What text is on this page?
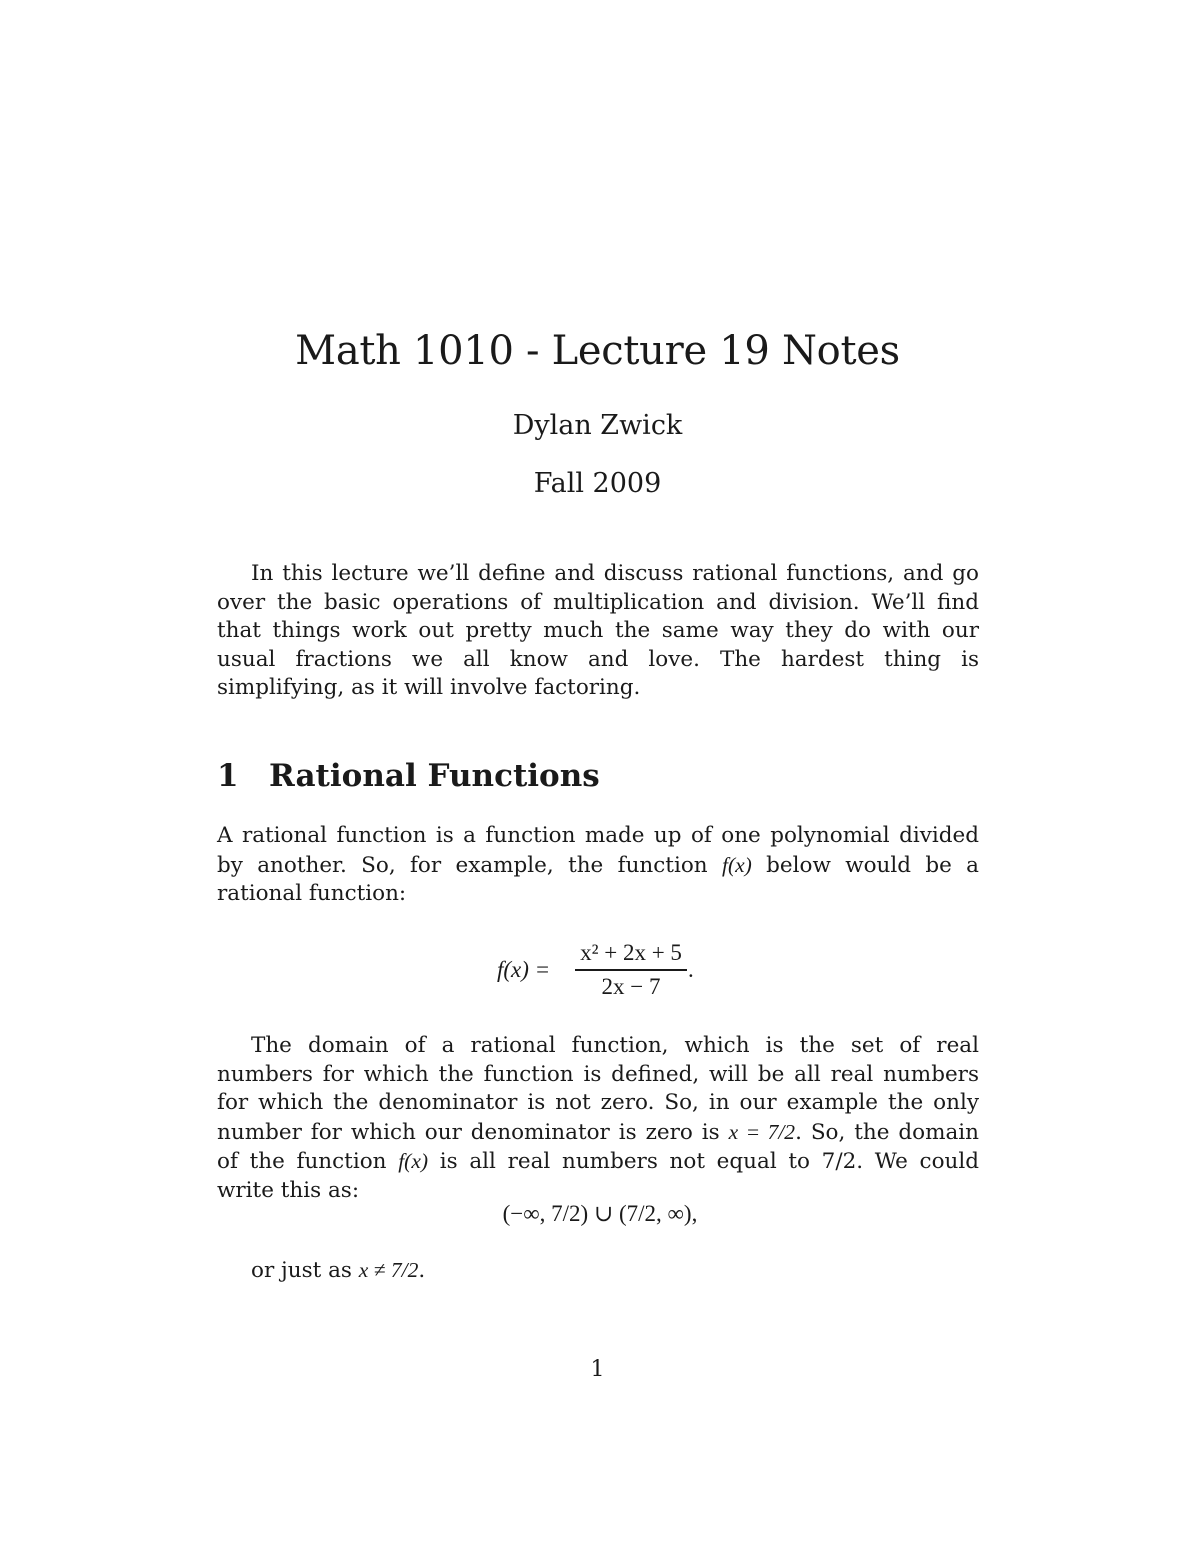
Math 1010 - Lecture 19 Notes
Dylan Zwick
Fall 2009

In this lecture we’ll define and discuss rational functions, and go over the basic operations of multiplication and division. We’ll find that things work out pretty much the same way they do with our usual fractions we all know and love. The hardest thing is simplifying, as it will involve factoring.

1 Rational Functions

A rational function is a function made up of one polynomial divided by another. So, for example, the function f(x) below would be a rational function:

f(x) =
x² + 2x + 5
2x − 7
.

The domain of a rational function, which is the set of real numbers for which the function is defined, will be all real numbers for which the denominator is not zero. So, in our example the only number for which our denominator is zero is x = 7/2. So, the domain of the function f(x) is all real numbers not equal to 7/2. We could write this as:

(−∞, 7/2) ∪ (7/2, ∞),

or just as x ≠ 7/2.

1
